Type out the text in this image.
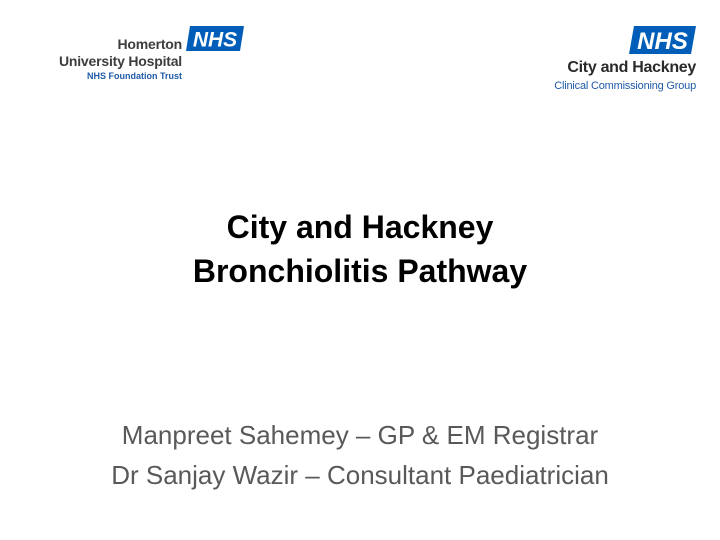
Homerton
University Hospital
NHS Foundation Trust
NHS	NHS
City and Hackney
Clinical Commissioning Group
City and Hackney
Bronchiolitis Pathway
Manpreet Sahemey – GP & EM Registrar
Dr Sanjay Wazir – Consultant Paediatrician
